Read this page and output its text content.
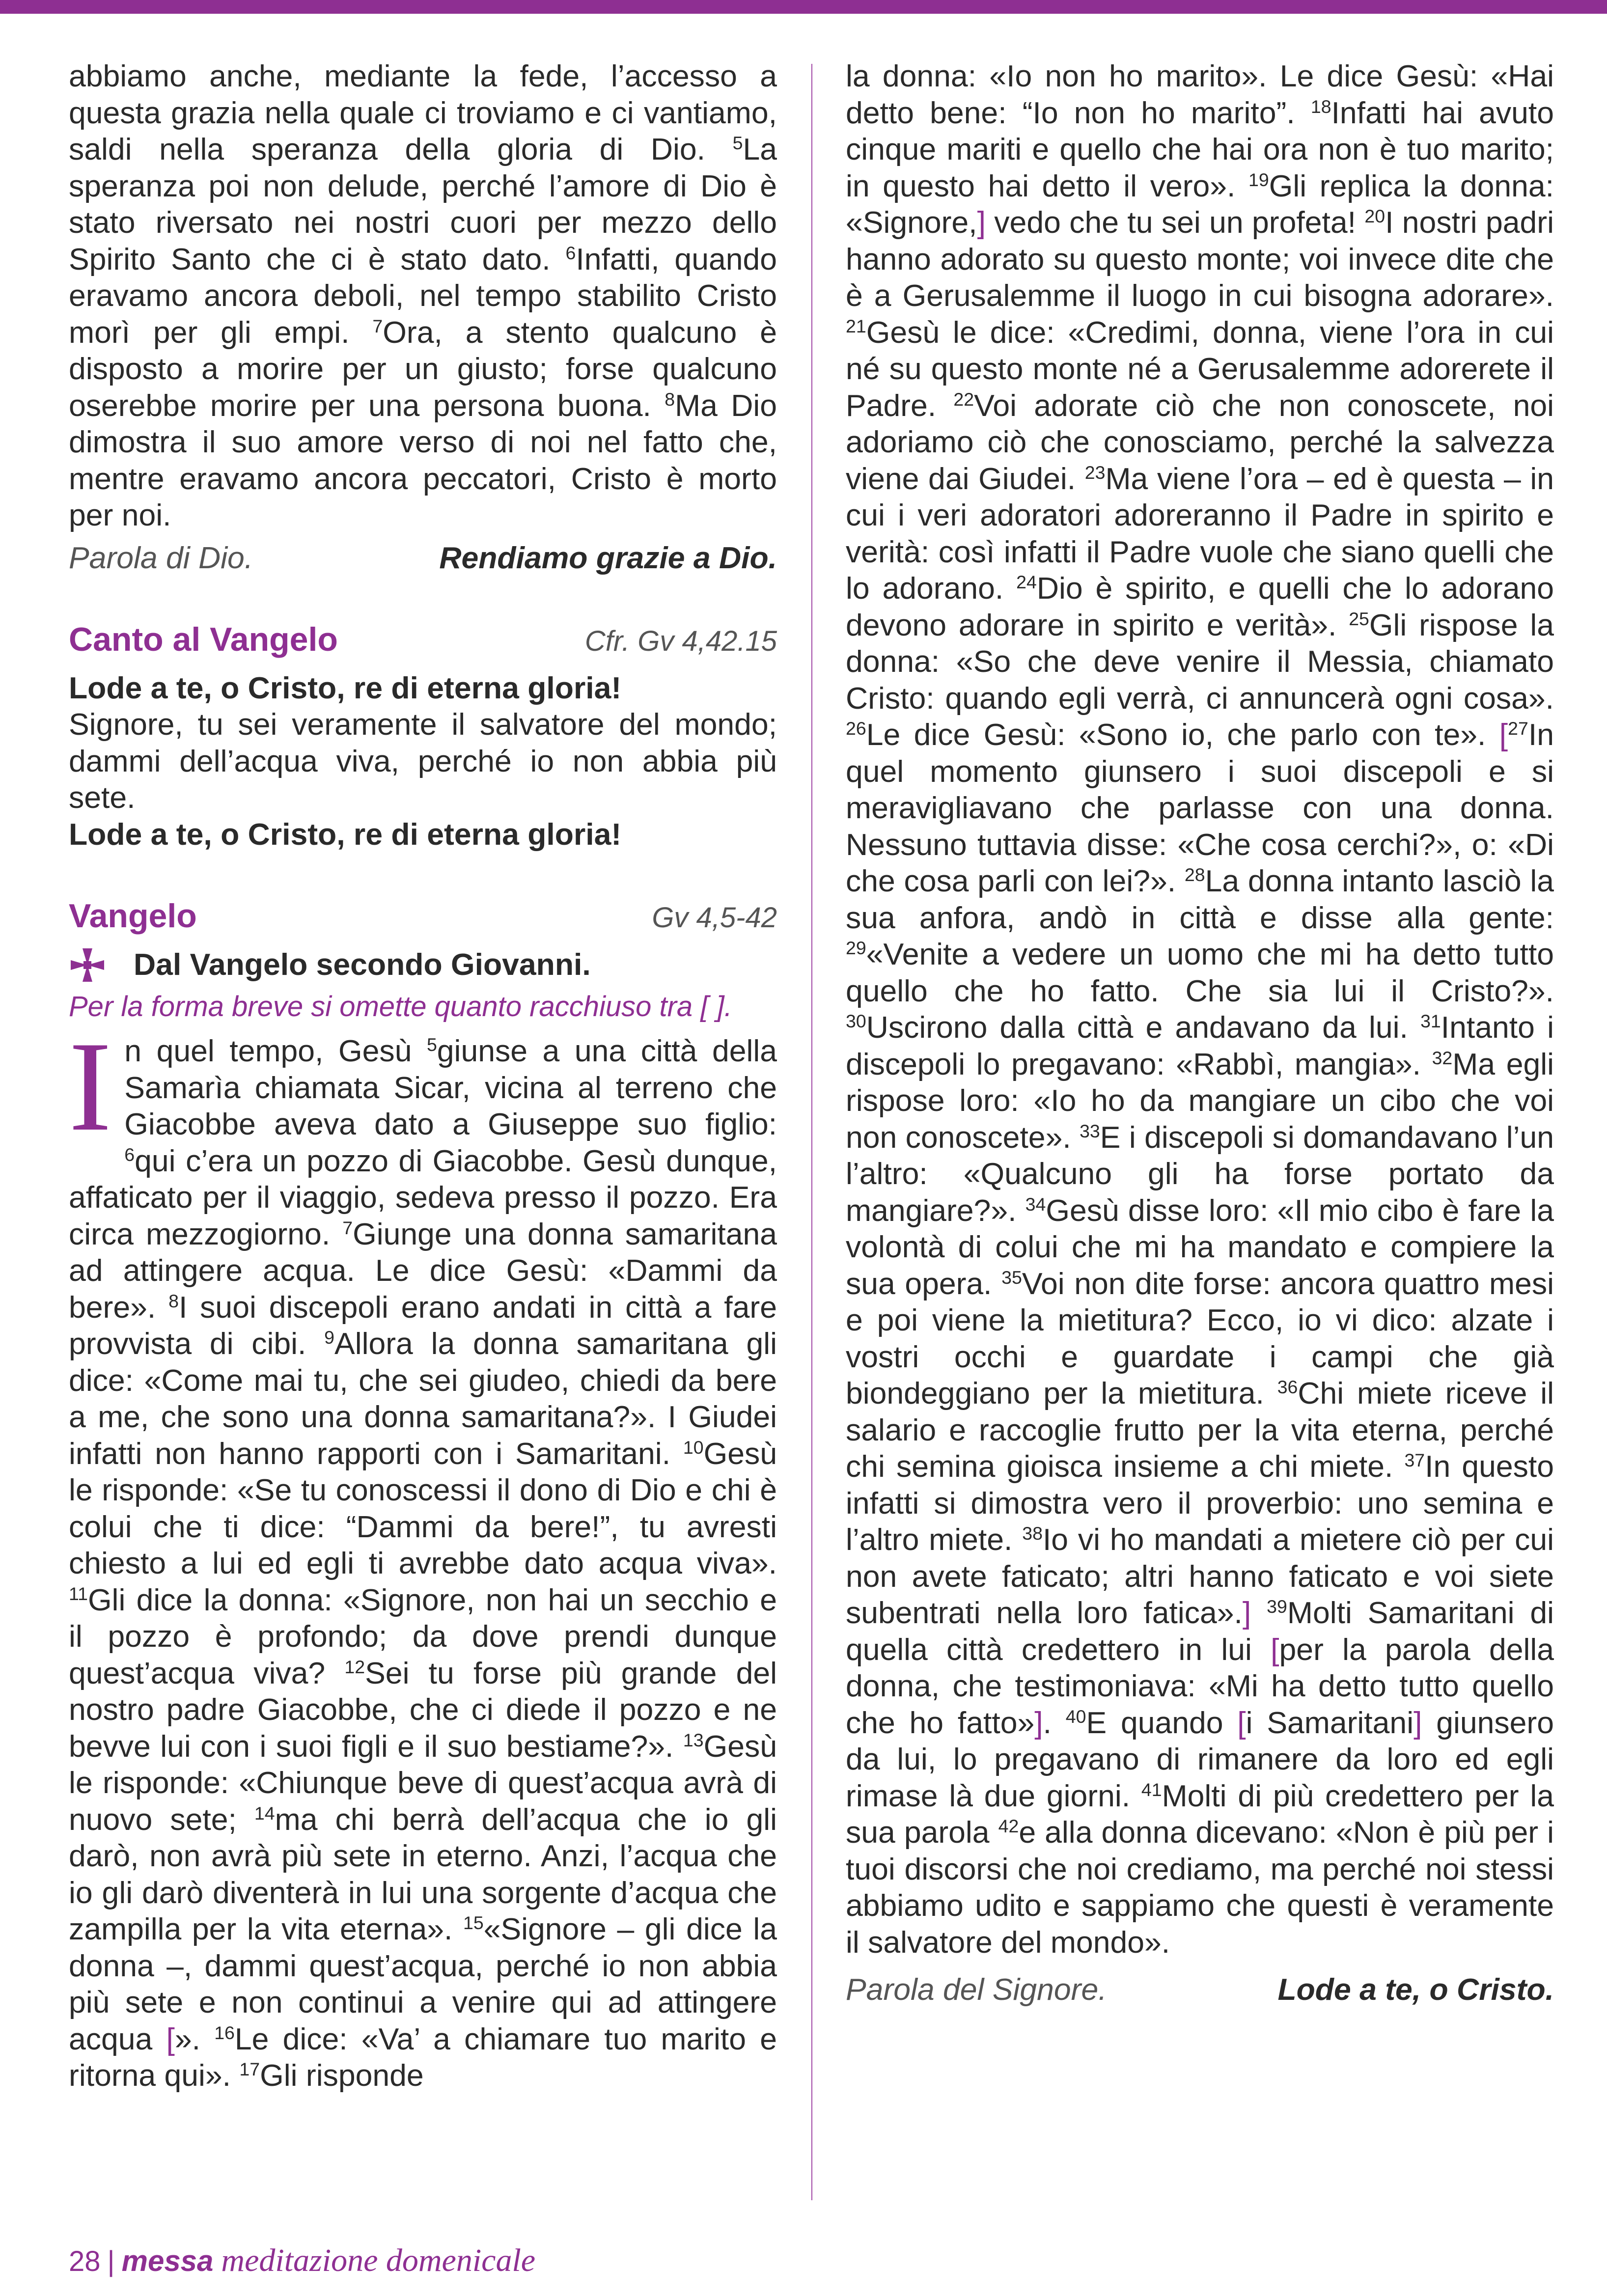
abbiamo anche, mediante la fede, l’accesso a questa grazia nella quale ci troviamo e ci vantiamo, saldi nella speranza della gloria di Dio. $^5$La speranza poi non delude, perché l’amore di Dio è stato riversato nei nostri cuori per mezzo dello Spirito Santo che ci è stato dato. $^6$Infatti, quando eravamo ancora deboli, nel tempo stabilito Cristo morì per gli empi. $^7$Ora, a stento qualcuno è disposto a morire per un giusto; forse qualcuno oserebbe morire per una persona buona. $^8$Ma Dio dimostra il suo amore verso di noi nel fatto che, mentre eravamo ancora peccatori, Cristo è morto per noi.

Parola di Dio.	Rendiamo grazie a Dio.
Canto al Vangelo	Cfr. Gv 4,42.15

Lode a te, o Cristo, re di eterna gloria!

Signore, tu sei veramente il salvatore del mondo; dammi dell’acqua viva, perché io non abbia più sete.

Lode a te, o Cristo, re di eterna gloria!

Vangelo	Gv 4,5-42
Dal Vangelo secondo Giovanni.

Per la forma breve si omette quanto racchiuso tra [ ].

In quel tempo, Gesù $^5$giunse a una città della Samarìa chiamata Sicar, vicina al terreno che Giacobbe aveva dato a Giuseppe suo figlio: $^6$qui c’era un pozzo di Giacobbe. Gesù dunque, affaticato per il viaggio, sedeva presso il pozzo. Era circa mezzogiorno. $^7$Giunge una donna samaritana ad attingere acqua. Le dice Gesù: «Dammi da bere». $^8$I suoi discepoli erano andati in città a fare provvista di cibi. $^9$Allora la donna samaritana gli dice: «Come mai tu, che sei giudeo, chiedi da bere a me, che sono una donna samaritana?». I Giudei infatti non hanno rapporti con i Samaritani. $^{10}$Gesù le risponde: «Se tu conoscessi il dono di Dio e chi è colui che ti dice: “Dammi da bere!”, tu avresti chiesto a lui ed egli ti avrebbe dato acqua viva». $^{11}$Gli dice la donna: «Signore, non hai un secchio e il pozzo è profondo; da dove prendi dunque quest’acqua viva? $^{12}$Sei tu forse più grande del nostro padre Giacobbe, che ci diede il pozzo e ne bevve lui con i suoi figli e il suo bestiame?». $^{13}$Gesù le risponde: «Chiunque beve di quest’acqua avrà di nuovo sete; $^{14}$ma chi berrà dell’acqua che io gli darò, non avrà più sete in eterno. Anzi, l’acqua che io gli darò diventerà in lui una sorgente d’acqua che zampilla per la vita eterna». $^{15}$«Signore – gli dice la donna –, dammi quest’acqua, perché io non abbia più sete e non continui a venire qui ad attingere acqua [». $^{16}$Le dice: «Va’ a chiamare tuo marito e ritorna qui». $^{17}$Gli risponde

la donna: «Io non ho marito». Le dice Gesù: «Hai detto bene: “Io non ho marito”. $^{18}$Infatti hai avuto cinque mariti e quello che hai ora non è tuo marito; in questo hai detto il vero». $^{19}$Gli replica la donna: «Signore,] vedo che tu sei un profeta! $^{20}$I nostri padri hanno adorato su questo monte; voi invece dite che è a Gerusalemme il luogo in cui bisogna adorare». $^{21}$Gesù le dice: «Credimi, donna, viene l’ora in cui né su questo monte né a Gerusalemme adorerete il Padre. $^{22}$Voi adorate ciò che non conoscete, noi adoriamo ciò che conosciamo, perché la salvezza viene dai Giudei. $^{23}$Ma viene l’ora – ed è questa – in cui i veri adoratori adoreranno il Padre in spirito e verità: così infatti il Padre vuole che siano quelli che lo adorano. $^{24}$Dio è spirito, e quelli che lo adorano devono adorare in spirito e verità». $^{25}$Gli rispose la donna: «So che deve venire il Messia, chiamato Cristo: quando egli verrà, ci annuncerà ogni cosa». $^{26}$Le dice Gesù: «Sono io, che parlo con te». [$^{27}$In quel momento giunsero i suoi discepoli e si meravigliavano che parlasse con una donna. Nessuno tuttavia disse: «Che cosa cerchi?», o: «Di che cosa parli con lei?». $^{28}$La donna intanto lasciò la sua anfora, andò in città e disse alla gente: $^{29}$«Venite a vedere un uomo che mi ha detto tutto quello che ho fatto. Che sia lui il Cristo?». $^{30}$Uscirono dalla città e andavano da lui. $^{31}$Intanto i discepoli lo pregavano: «Rabbì, mangia». $^{32}$Ma egli rispose loro: «Io ho da mangiare un cibo che voi non conoscete». $^{33}$E i discepoli si domandavano l’un l’altro: «Qualcuno gli ha forse portato da mangiare?». $^{34}$Gesù disse loro: «Il mio cibo è fare la volontà di colui che mi ha mandato e compiere la sua opera. $^{35}$Voi non dite forse: ancora quattro mesi e poi viene la mietitura? Ecco, io vi dico: alzate i vostri occhi e guardate i campi che già biondeggiano per la mietitura. $^{36}$Chi miete riceve il salario e raccoglie frutto per la vita eterna, perché chi semina gioisca insieme a chi miete. $^{37}$In questo infatti si dimostra vero il proverbio: uno semina e l’altro miete. $^{38}$Io vi ho mandati a mietere ciò per cui non avete faticato; altri hanno faticato e voi siete subentrati nella loro fatica».] $^{39}$Molti Samaritani di quella città credettero in lui [per la parola della donna, che testimoniava: «Mi ha detto tutto quello che ho fatto»]. $^{40}$E quando [i Samaritani] giunsero da lui, lo pregavano di rimanere da loro ed egli rimase là due giorni. $^{41}$Molti di più credettero per la sua parola $^{42}$e alla donna dicevano: «Non è più per i tuoi discorsi che noi crediamo, ma perché noi stessi abbiamo udito e sappiamo che questi è veramente il salvatore del mondo».

Parola del Signore.	Lode a te, o Cristo.
28 | messa meditazione domenicale
